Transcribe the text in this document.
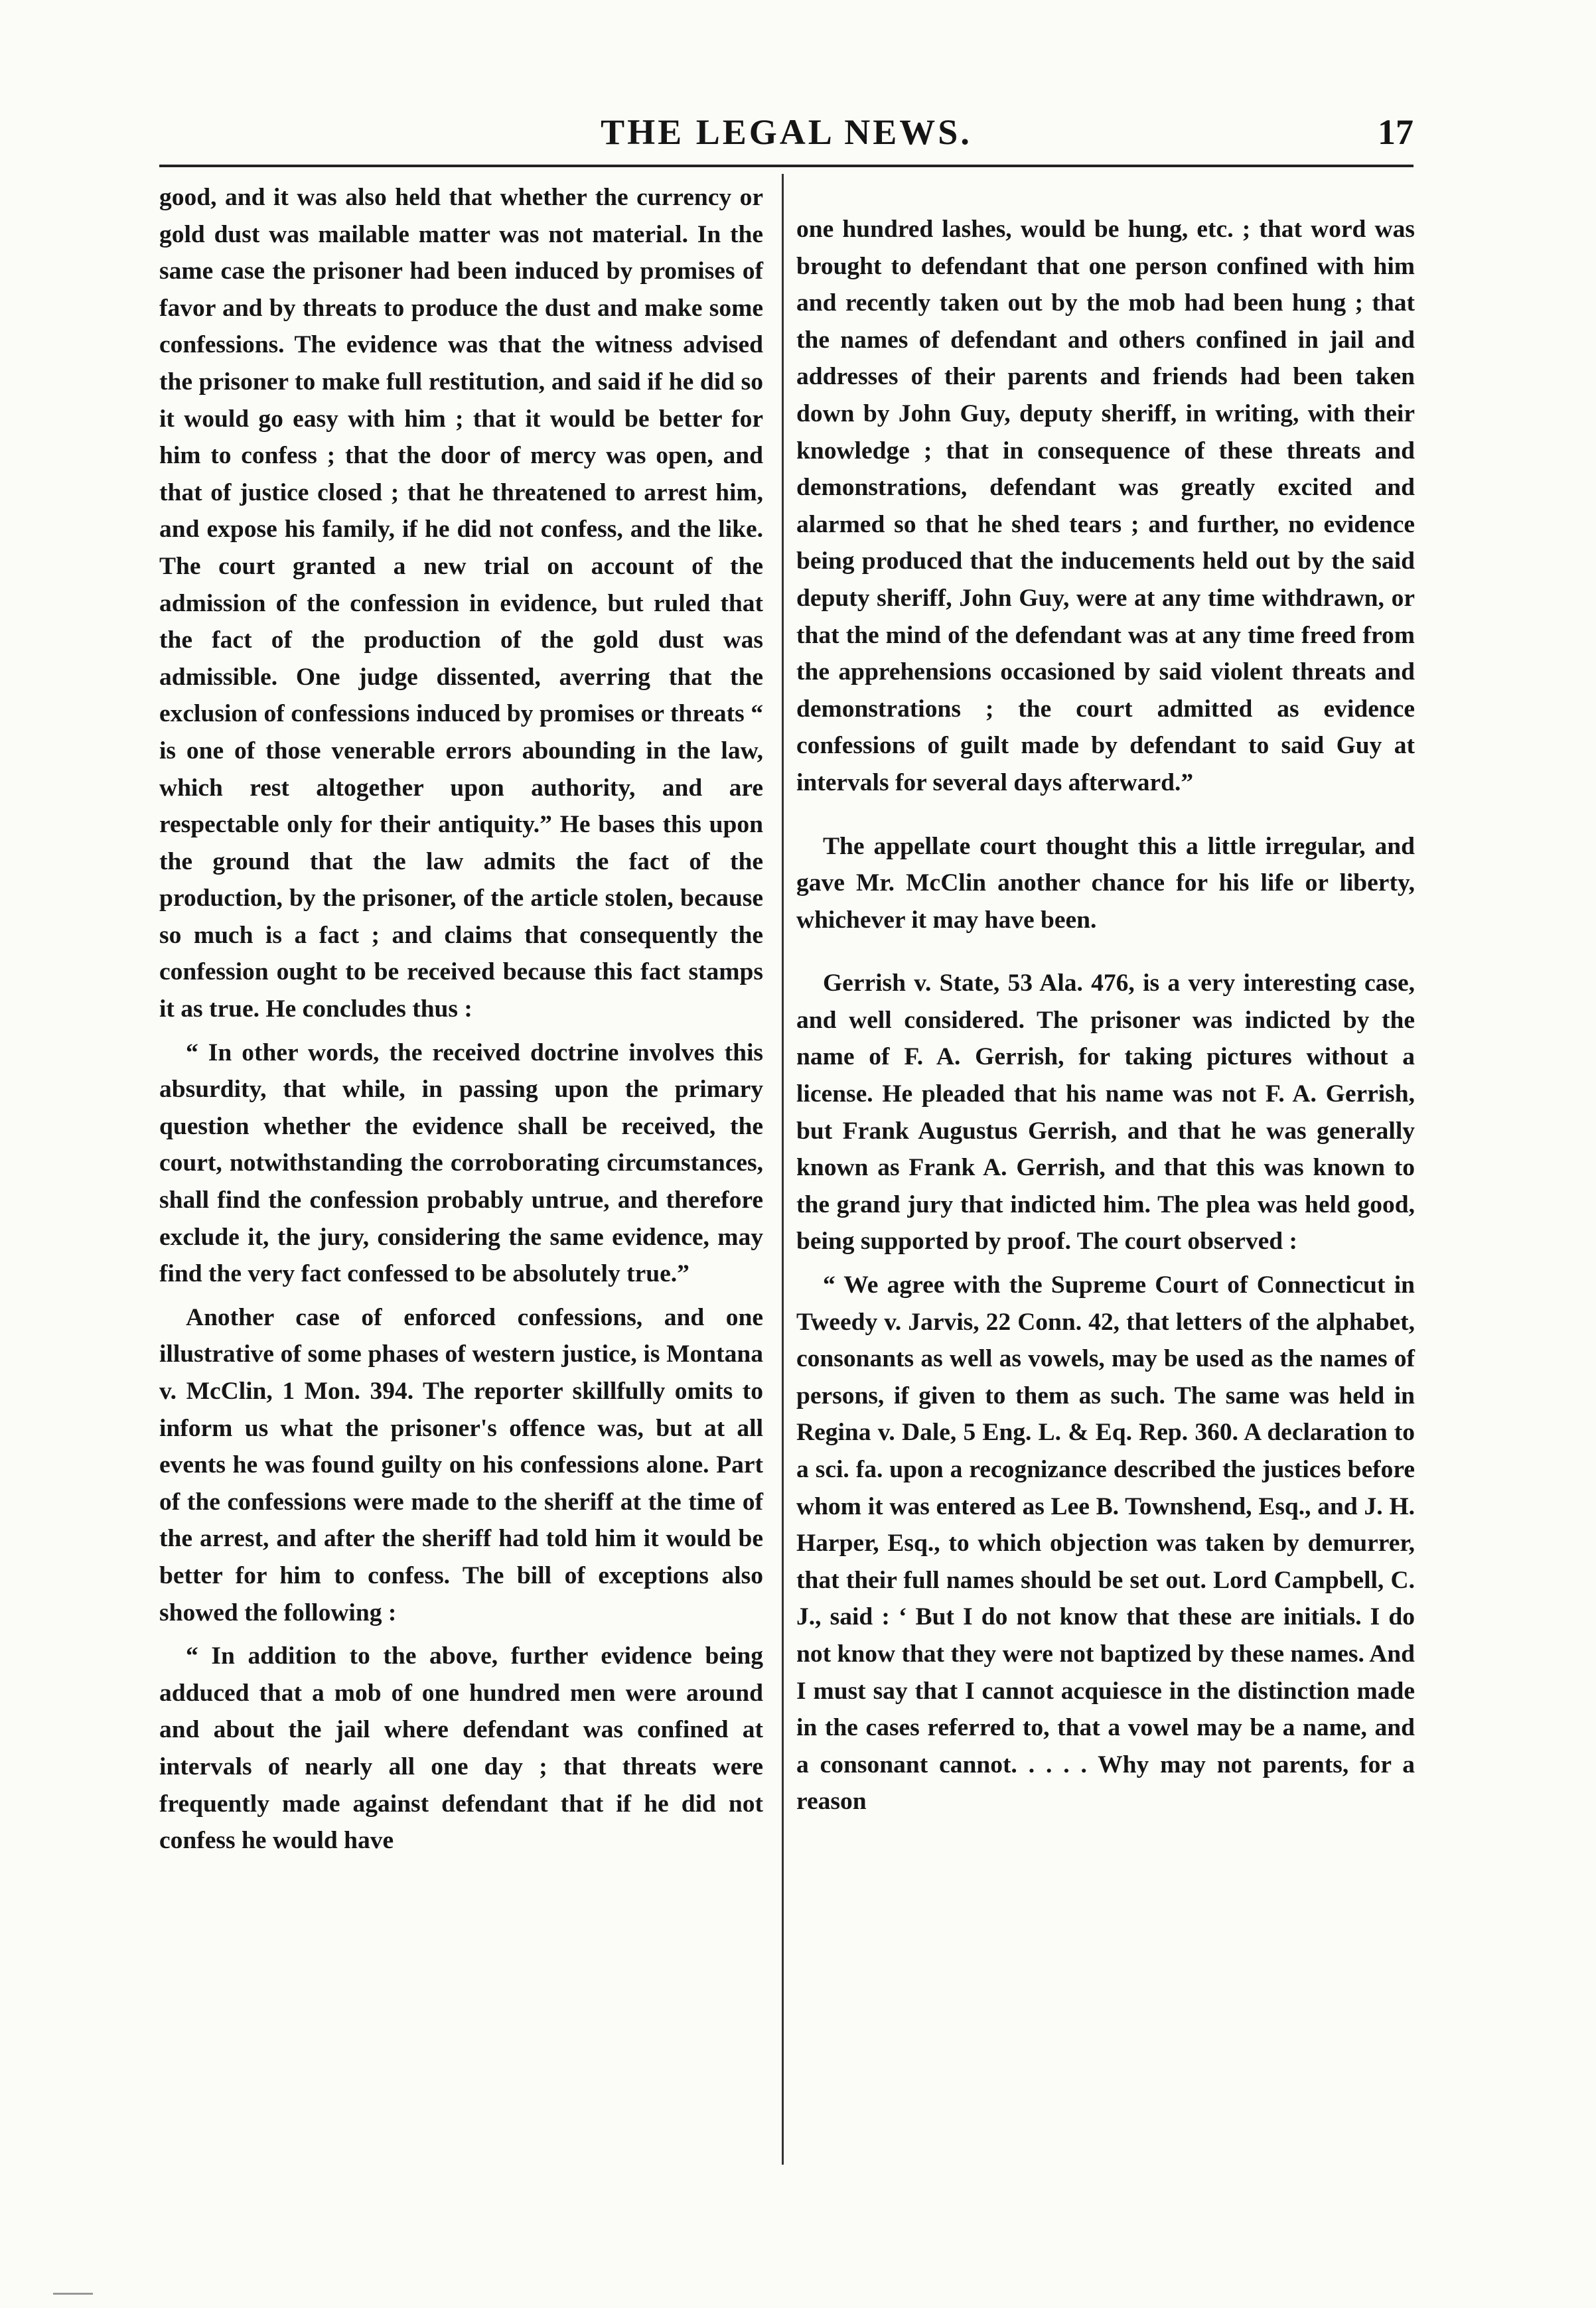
THE LEGAL NEWS.	17

good, and it was also held that whether the currency or gold dust was mailable matter was not material. In the same case the prisoner had been induced by promises of favor and by threats to produce the dust and make some confessions. The evidence was that the witness advised the prisoner to make full restitution, and said if he did so it would go easy with him ; that it would be better for him to confess ; that the door of mercy was open, and that of justice closed ; that he threatened to arrest him, and expose his family, if he did not confess, and the like. The court granted a new trial on account of the admission of the confession in evidence, but ruled that the fact of the production of the gold dust was admissible. One judge dissented, averring that the exclusion of confessions induced by promises or threats “ is one of those venerable errors abounding in the law, which rest altogether upon authority, and are respectable only for their antiquity.” He bases this upon the ground that the law admits the fact of the production, by the prisoner, of the article stolen, because so much is a fact ; and claims that consequently the confession ought to be received because this fact stamps it as true. He concludes thus :

“ In other words, the received doctrine involves this absurdity, that while, in passing upon the primary question whether the evidence shall be received, the court, notwithstanding the corroborating circumstances, shall find the confession probably untrue, and therefore exclude it, the jury, considering the same evidence, may find the very fact confessed to be absolutely true.”

Another case of enforced confessions, and one illustrative of some phases of western justice, is Montana v. McClin, 1 Mon. 394. The reporter skillfully omits to inform us what the prisoner's offence was, but at all events he was found guilty on his confessions alone. Part of the confessions were made to the sheriff at the time of the arrest, and after the sheriff had told him it would be better for him to confess. The bill of exceptions also showed the following :

“ In addition to the above, further evidence being adduced that a mob of one hundred men were around and about the jail where defendant was confined at intervals of nearly all one day ; that threats were frequently made against defendant that if he did not confess he would have

one hundred lashes, would be hung, etc. ; that word was brought to defendant that one person confined with him and recently taken out by the mob had been hung ; that the names of defendant and others confined in jail and addresses of their parents and friends had been taken down by John Guy, deputy sheriff, in writing, with their knowledge ; that in consequence of these threats and demonstrations, defendant was greatly excited and alarmed so that he shed tears ; and further, no evidence being produced that the inducements held out by the said deputy sheriff, John Guy, were at any time withdrawn, or that the mind of the defendant was at any time freed from the apprehensions occasioned by said violent threats and demonstrations ; the court admitted as evidence confessions of guilt made by defendant to said Guy at intervals for several days afterward.”

The appellate court thought this a little irregular, and gave Mr. McClin another chance for his life or liberty, whichever it may have been.

Gerrish v. State, 53 Ala. 476, is a very interesting case, and well considered. The prisoner was indicted by the name of F. A. Gerrish, for taking pictures without a license. He pleaded that his name was not F. A. Gerrish, but Frank Augustus Gerrish, and that he was generally known as Frank A. Gerrish, and that this was known to the grand jury that indicted him. The plea was held good, being supported by proof. The court observed :

“ We agree with the Supreme Court of Connecticut in Tweedy v. Jarvis, 22 Conn. 42, that letters of the alphabet, consonants as well as vowels, may be used as the names of persons, if given to them as such. The same was held in Regina v. Dale, 5 Eng. L. & Eq. Rep. 360. A declaration to a sci. fa. upon a recognizance described the justices before whom it was entered as Lee B. Townshend, Esq., and J. H. Harper, Esq., to which objection was taken by demurrer, that their full names should be set out. Lord Campbell, C. J., said : ‘ But I do not know that these are initials. I do not know that they were not baptized by these names. And I must say that I cannot acquiesce in the distinction made in the cases referred to, that a vowel may be a name, and a consonant cannot. . . . . Why may not parents, for a reason
